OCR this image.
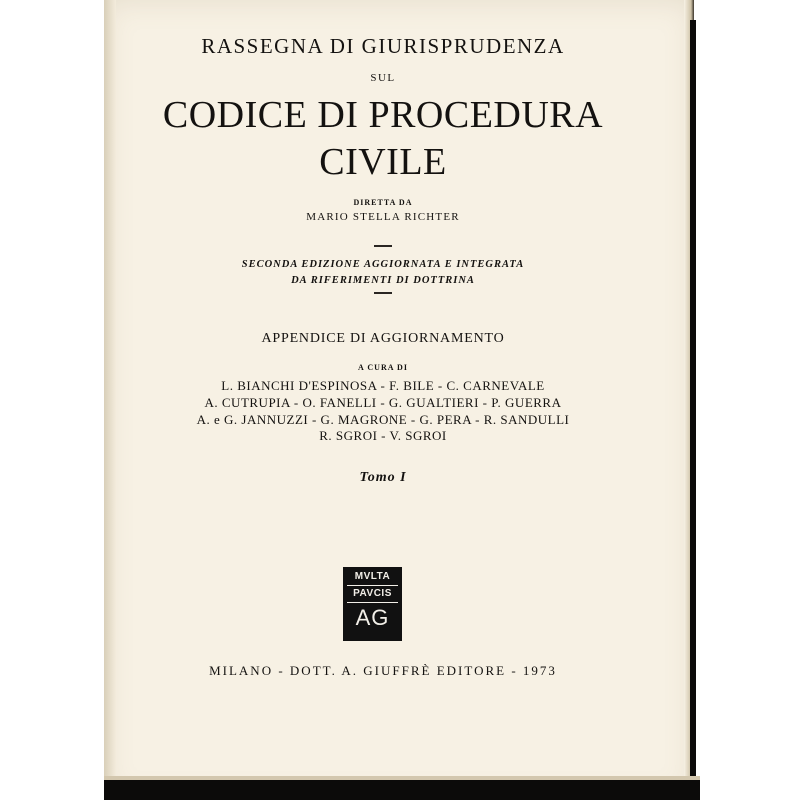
RASSEGNA DI GIURISPRUDENZA
SUL
CODICE DI PROCEDURA
CIVILE
DIRETTA DA
MARIO STELLA RICHTER
SECONDA EDIZIONE AGGIORNATA E INTEGRATA
DA RIFERIMENTI DI DOTTRINA
APPENDICE DI AGGIORNAMENTO
A CURA DI
L. BIANCHI D'ESPINOSA - F. BILE - C. CARNEVALE
A. CUTRUPIA - O. FANELLI - G. GUALTIERI - P. GUERRA
A. e G. JANNUZZI - G. MAGRONE - G. PERA - R. SANDULLI
R. SGROI - V. SGROI
Tomo I
MVLTA
PAVCIS
AG
MILANO - DOTT. A. GIUFFRÈ EDITORE - 1973
